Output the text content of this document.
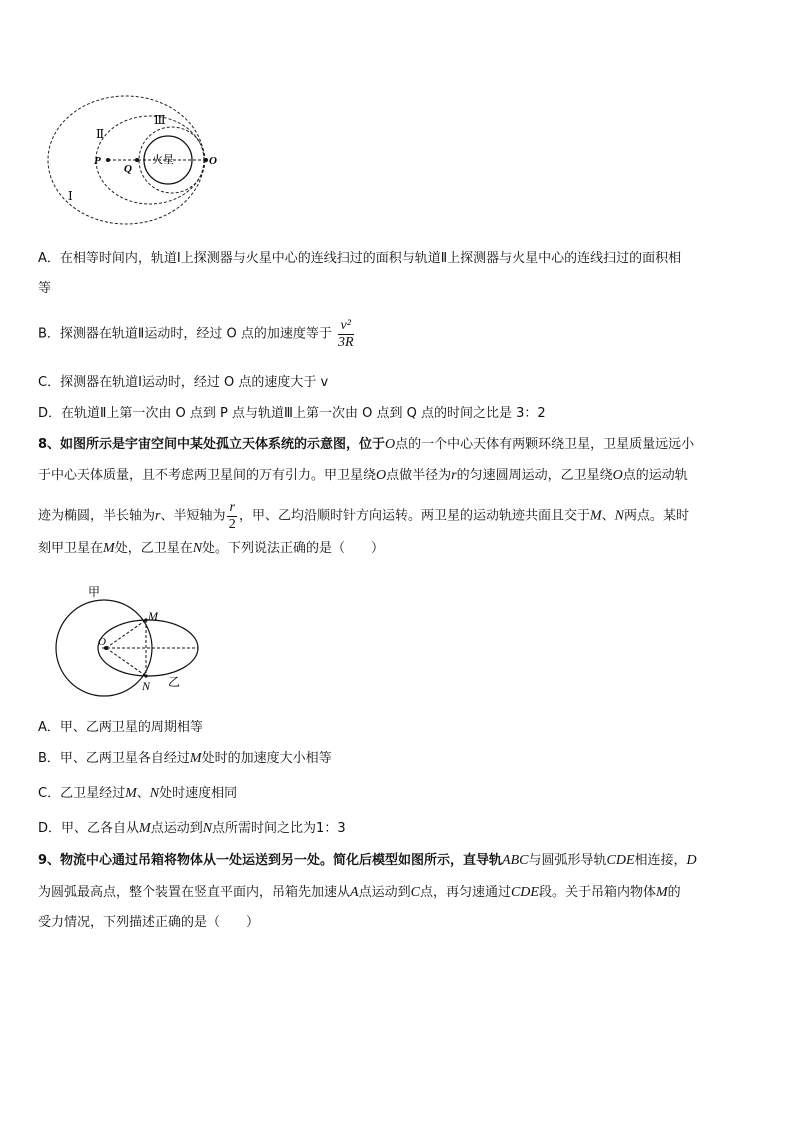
Ⅰ
Ⅱ
Ⅲ
P
Q
O
火星
A．在相等时间内，轨道Ⅰ上探测器与火星中心的连线扫过的面积与轨道Ⅱ上探测器与火星中心的连线扫过的面积相
等
B．探测器在轨道Ⅱ运动时，经过 O 点的加速度等于 $\frac{\text{v²}}{3R}$
C．探测器在轨道Ⅰ运动时，经过 O 点的速度大于 v
D．在轨道Ⅱ上第一次由 O 点到 P 点与轨道Ⅲ上第一次由 O 点到 Q 点的时间之比是 3：2
8、如图所示是宇宙空间中某处孤立天体系统的示意图，位于O点的一个中心天体有两颗环绕卫星，卫星质量远远小
于中心天体质量，且不考虑两卫星间的万有引力。甲卫星绕O点做半径为r的匀速圆周运动，乙卫星绕O点的运动轨
迹为椭圆，半长轴为r、半短轴为 $\frac{r}{2}$ ，甲、乙均沿顺时针方向运转。两卫星的运动轨迹共面且交于M、N两点。某时
刻甲卫星在M处，乙卫星在N处。下列说法正确的是（　　）
甲
M
O
N 乙
A．甲、乙两卫星的周期相等
B．甲、乙两卫星各自经过M处时的加速度大小相等
C．乙卫星经过M、N处时速度相同
D．甲、乙各自从M点运动到N点所需时间之比为1：3
9、物流中心通过吊箱将物体从一处运送到另一处。简化后模型如图所示，直导轨ABC与圆弧形导轨CDE相连接，D
为圆弧最高点，整个装置在竖直平面内，吊箱先加速从A点运动到C点，再匀速通过CDE段。关于吊箱内物体M的
受力情况，下列描述正确的是（　　）
